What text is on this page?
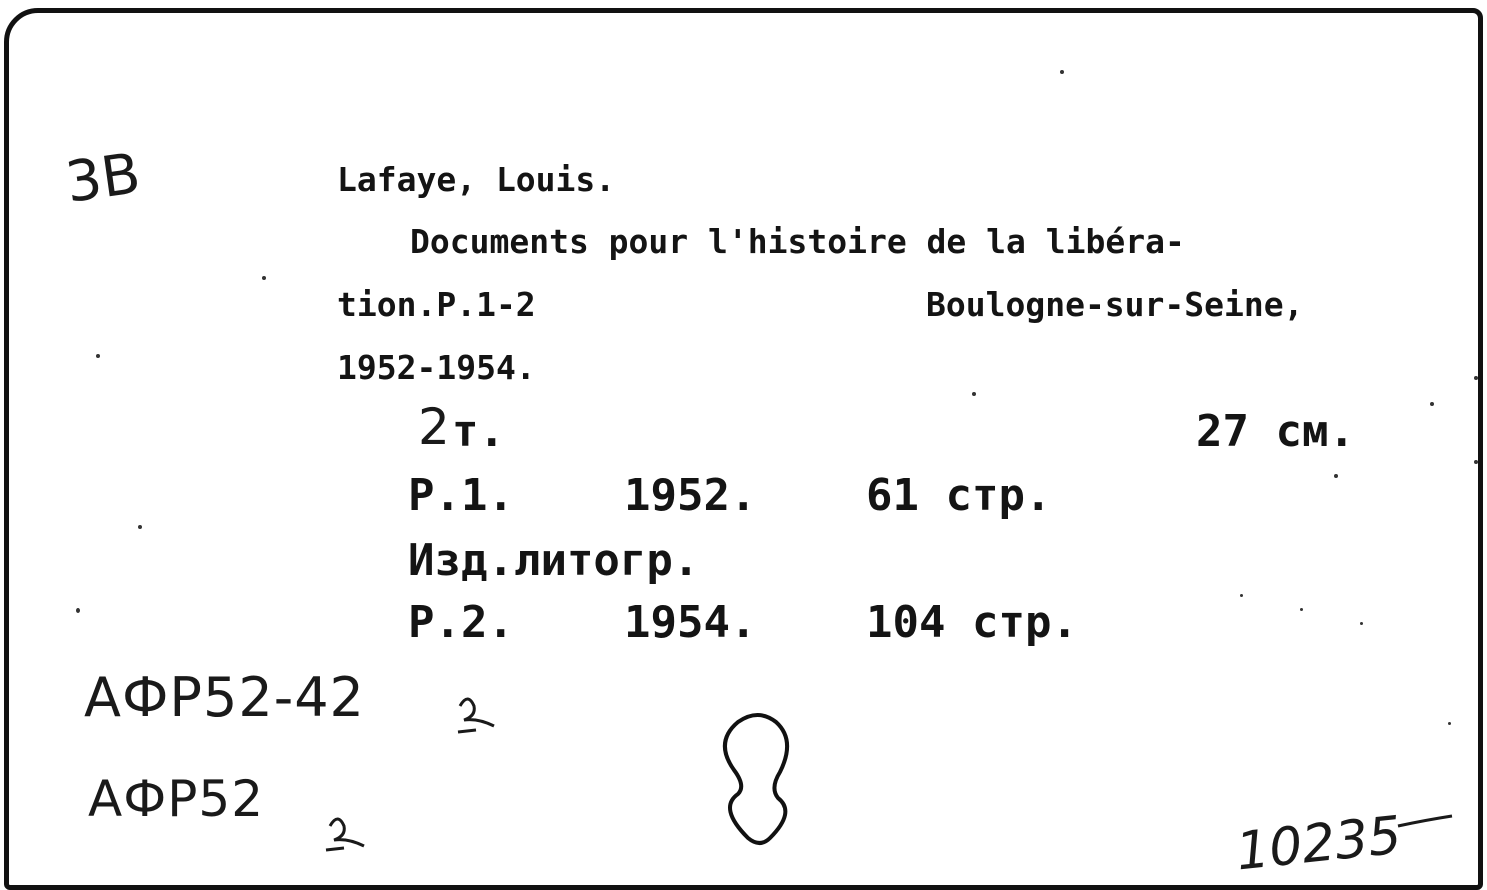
3B	Lafaye, Louis.
Documents pour l'histoire de la libéra-
tion.P.1-2	Boulogne-sur-Seine,
1952-1954.
2 т.	27 см.
P.1.	1952. 61 стр.
Изд.литогр.
P.2.	1954. 104 стр.
АФР52-42
АФР52
10235
